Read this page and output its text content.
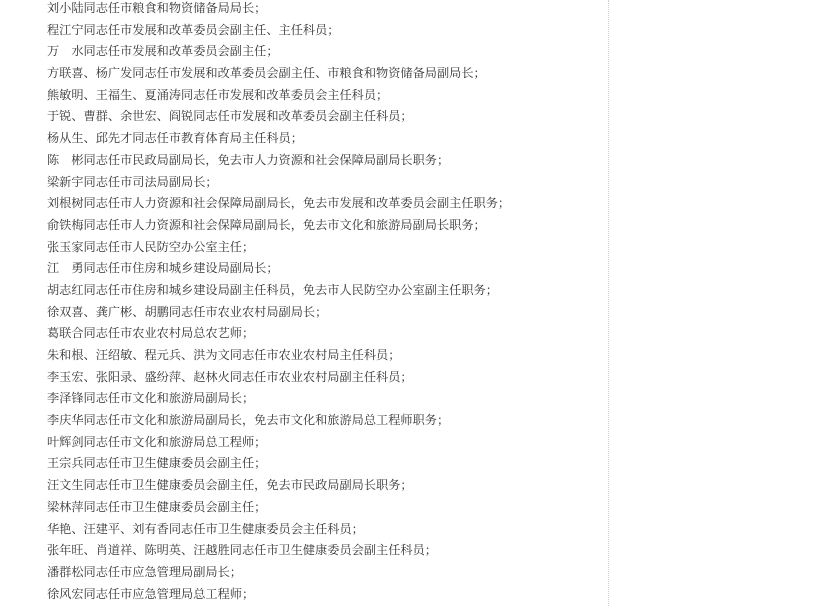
刘小陆同志任市粮食和物资储备局局长；
程江宁同志任市发展和改革委员会副主任、主任科员；
万　水同志任市发展和改革委员会副主任；
方联喜、杨广发同志任市发展和改革委员会副主任、市粮食和物资储备局副局长；
熊敏明、王福生、夏涌涛同志任市发展和改革委员会主任科员；
于锐、曹群、余世宏、阎锐同志任市发展和改革委员会副主任科员；
杨从生、邱先才同志任市教育体育局主任科员；
陈　彬同志任市民政局副局长，免去市人力资源和社会保障局副局长职务；
梁新宇同志任市司法局副局长；
刘根树同志任市人力资源和社会保障局副局长，免去市发展和改革委员会副主任职务；
俞铁梅同志任市人力资源和社会保障局副局长，免去市文化和旅游局副局长职务；
张玉家同志任市人民防空办公室主任；
江　勇同志任市住房和城乡建设局副局长；
胡志红同志任市住房和城乡建设局副主任科员，免去市人民防空办公室副主任职务；
徐双喜、龚广彬、胡鹏同志任市农业农村局副局长；
葛联合同志任市农业农村局总农艺师；
朱和根、汪绍敏、程元兵、洪为文同志任市农业农村局主任科员；
李玉宏、张阳录、盛纷萍、赵林火同志任市农业农村局副主任科员；
李泽锋同志任市文化和旅游局副局长；
李庆华同志任市文化和旅游局副局长，免去市文化和旅游局总工程师职务；
叶辉剑同志任市文化和旅游局总工程师；
王宗兵同志任市卫生健康委员会副主任；
汪文生同志任市卫生健康委员会副主任，免去市民政局副局长职务；
梁林萍同志任市卫生健康委员会副主任；
华艳、汪建平、刘有香同志任市卫生健康委员会主任科员；
张年旺、肖道祥、陈明英、汪越胜同志任市卫生健康委员会副主任科员；
潘群松同志任市应急管理局副局长；
徐风宏同志任市应急管理局总工程师；
